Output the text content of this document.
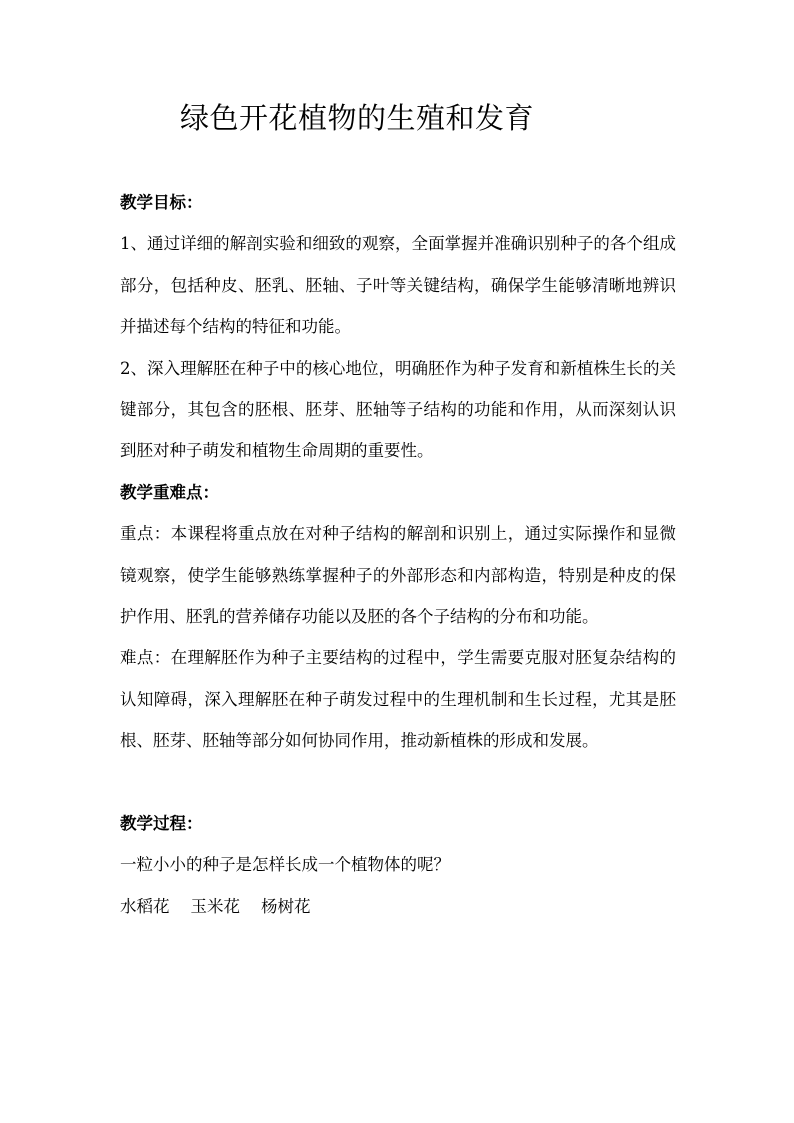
绿色开花植物的生殖和发育

教学目标：

1、通过详细的解剖实验和细致的观察，全面掌握并准确识别种子的各个组成部分，包括种皮、胚乳、胚轴、子叶等关键结构，确保学生能够清晰地辨识并描述每个结构的特征和功能。

2、深入理解胚在种子中的核心地位，明确胚作为种子发育和新植株生长的关键部分，其包含的胚根、胚芽、胚轴等子结构的功能和作用，从而深刻认识到胚对种子萌发和植物生命周期的重要性。

教学重难点：

重点：本课程将重点放在对种子结构的解剖和识别上，通过实际操作和显微镜观察，使学生能够熟练掌握种子的外部形态和内部构造，特别是种皮的保护作用、胚乳的营养储存功能以及胚的各个子结构的分布和功能。

难点：在理解胚作为种子主要结构的过程中，学生需要克服对胚复杂结构的认知障碍，深入理解胚在种子萌发过程中的生理机制和生长过程，尤其是胚根、胚芽、胚轴等部分如何协同作用，推动新植株的形成和发展。

教学过程：

一粒小小的种子是怎样长成一个植物体的呢？

水稻花 玉米花 杨树花
